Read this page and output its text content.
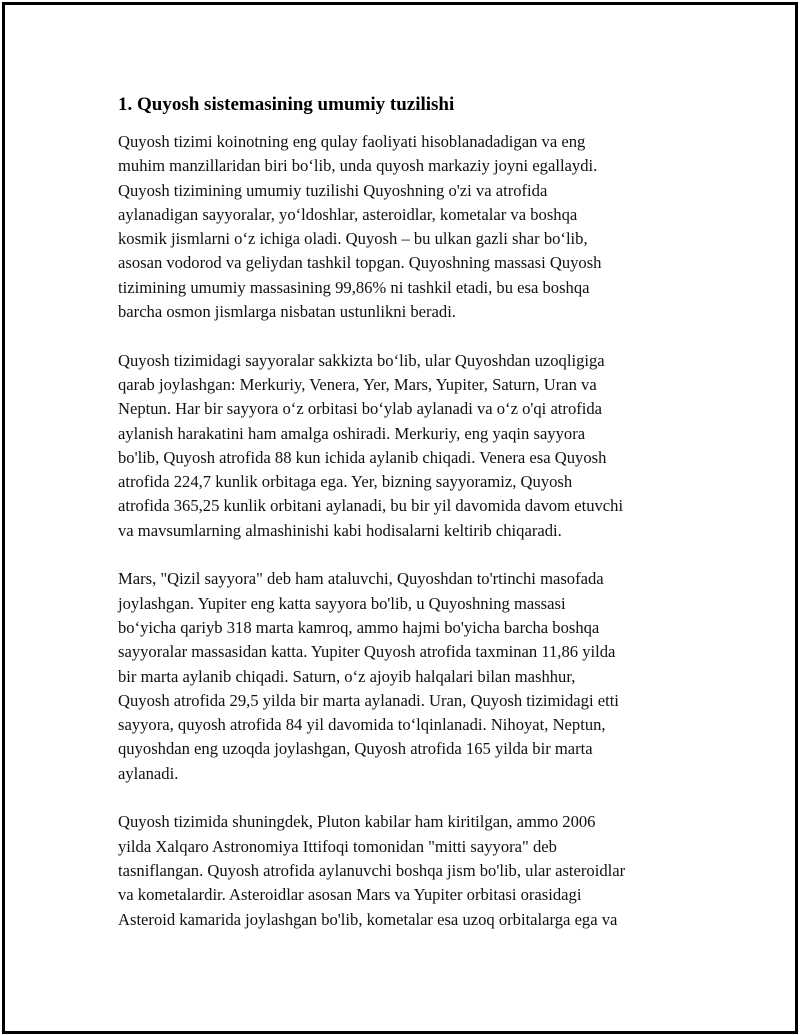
1. Quyosh sistemasining umumiy tuzilishi
Quyosh tizimi koinotning eng qulay faoliyati hisoblanadadigan va eng
muhim manzillaridan biri bo‘lib, unda quyosh markaziy joyni egallaydi.
Quyosh tizimining umumiy tuzilishi Quyoshning o'zi va atrofida
aylanadigan sayyoralar, yo‘ldoshlar, asteroidlar, kometalar va boshqa
kosmik jismlarni o‘z ichiga oladi. Quyosh – bu ulkan gazli shar bo‘lib,
asosan vodorod va geliydan tashkil topgan. Quyoshning massasi Quyosh
tizimining umumiy massasining 99,86% ni tashkil etadi, bu esa boshqa
barcha osmon jismlarga nisbatan ustunlikni beradi.
Quyosh tizimidagi sayyoralar sakkizta bo‘lib, ular Quyoshdan uzoqligiga
qarab joylashgan: Merkuriy, Venera, Yer, Mars, Yupiter, Saturn, Uran va
Neptun. Har bir sayyora o‘z orbitasi bo‘ylab aylanadi va o‘z o'qi atrofida
aylanish harakatini ham amalga oshiradi. Merkuriy, eng yaqin sayyora
bo'lib, Quyosh atrofida 88 kun ichida aylanib chiqadi. Venera esa Quyosh
atrofida 224,7 kunlik orbitaga ega. Yer, bizning sayyoramiz, Quyosh
atrofida 365,25 kunlik orbitani aylanadi, bu bir yil davomida davom etuvchi
va mavsumlarning almashinishi kabi hodisalarni keltirib chiqaradi.
Mars, "Qizil sayyora" deb ham ataluvchi, Quyoshdan to'rtinchi masofada
joylashgan. Yupiter eng katta sayyora bo'lib, u Quyoshning massasi
bo‘yicha qariyb 318 marta kamroq, ammo hajmi bo'yicha barcha boshqa
sayyoralar massasidan katta. Yupiter Quyosh atrofida taxminan 11,86 yilda
bir marta aylanib chiqadi. Saturn, o‘z ajoyib halqalari bilan mashhur,
Quyosh atrofida 29,5 yilda bir marta aylanadi. Uran, Quyosh tizimidagi etti
sayyora, quyosh atrofida 84 yil davomida to‘lqinlanadi. Nihoyat, Neptun,
quyoshdan eng uzoqda joylashgan, Quyosh atrofida 165 yilda bir marta
aylanadi.
Quyosh tizimida shuningdek, Pluton kabilar ham kiritilgan, ammo 2006
yilda Xalqaro Astronomiya Ittifoqi tomonidan "mitti sayyora" deb
tasniflangan. Quyosh atrofida aylanuvchi boshqa jism bo'lib, ular asteroidlar
va kometalardir. Asteroidlar asosan Mars va Yupiter orbitasi orasidagi
Asteroid kamarida joylashgan bo'lib, kometalar esa uzoq orbitalarga ega va
